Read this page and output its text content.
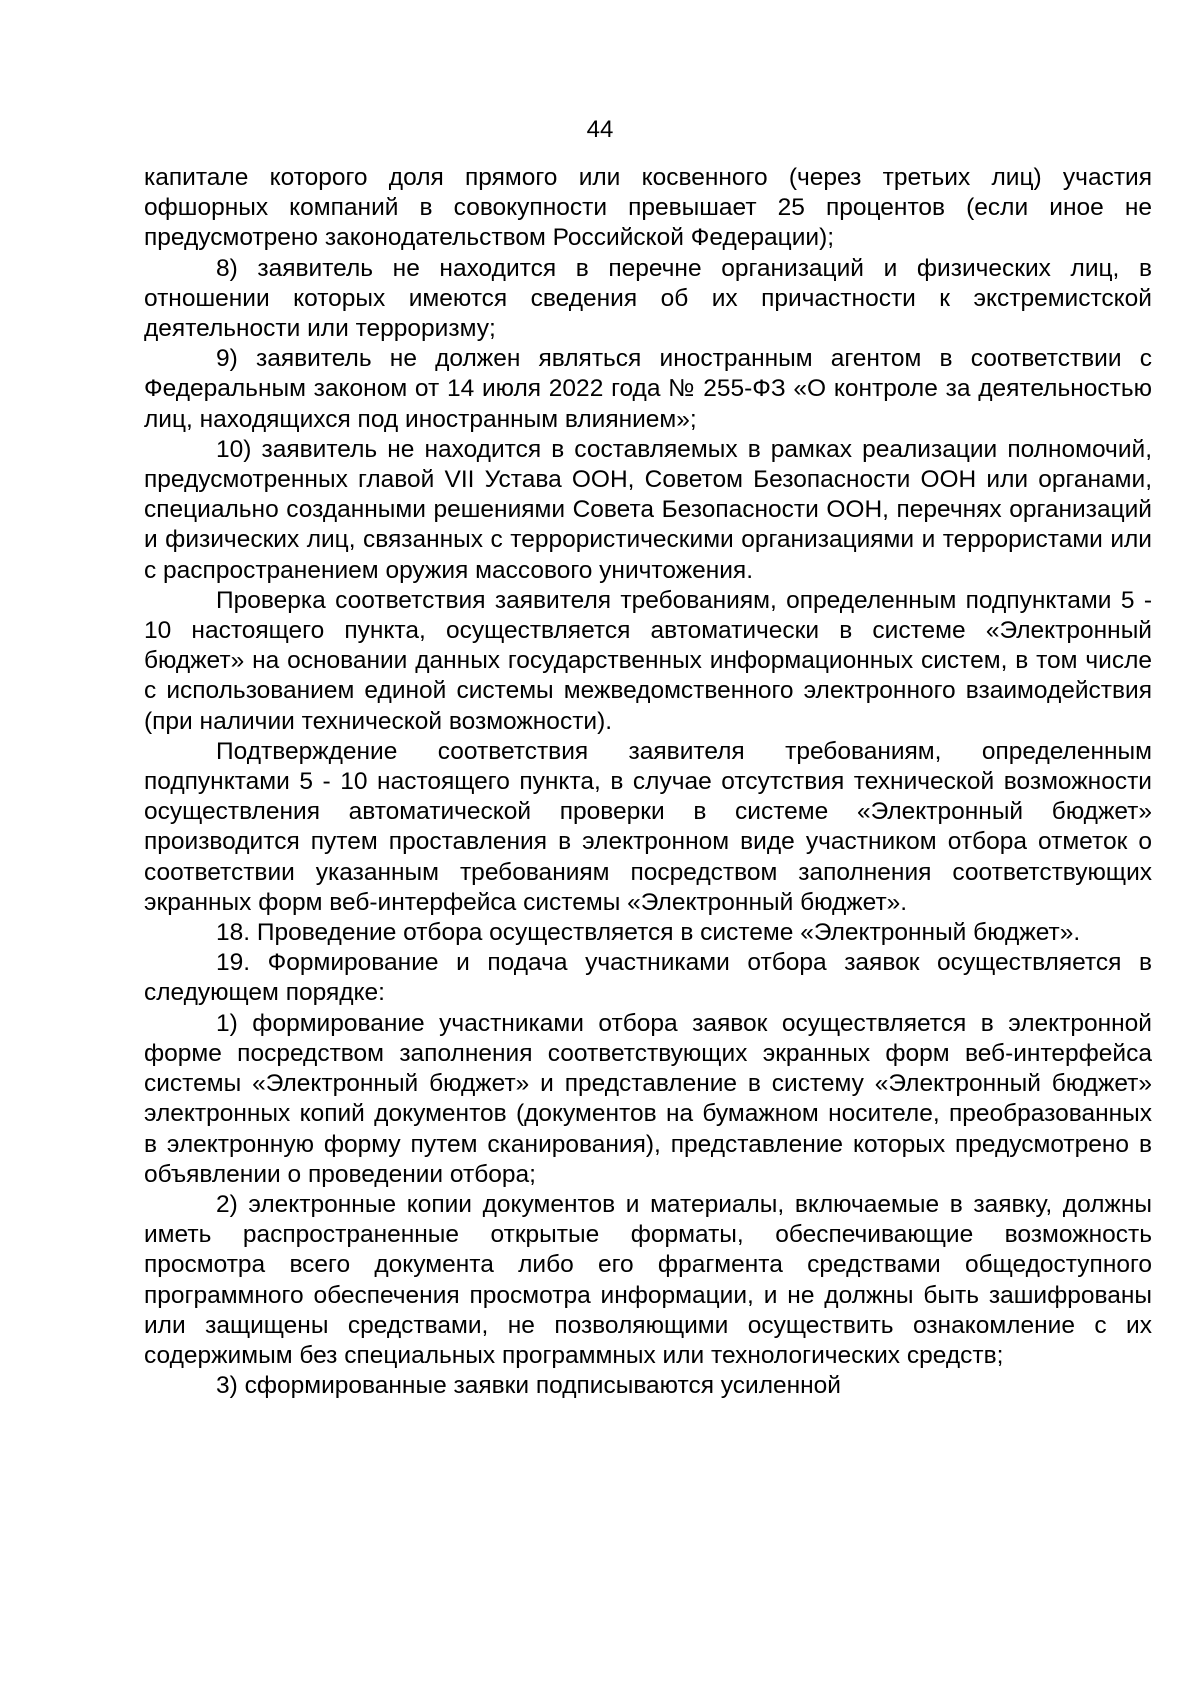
44

капитале которого доля прямого или косвенного (через третьих лиц) участия офшорных компаний в совокупности превышает 25 процентов (если иное не предусмотрено законодательством Российской Федерации);

8) заявитель не находится в перечне организаций и физических лиц, в отношении которых имеются сведения об их причастности к экстремистской деятельности или терроризму;

9) заявитель не должен являться иностранным агентом в соответствии с Федеральным законом от 14 июля 2022 года № 255-ФЗ «О контроле за деятельностью лиц, находящихся под иностранным влиянием»;

10) заявитель не находится в составляемых в рамках реализации полномочий, предусмотренных главой VII Устава ООН, Советом Безопасности ООН или органами, специально созданными решениями Совета Безопасности ООН, перечнях организаций и физических лиц, связанных с террористическими организациями и террористами или с распространением оружия массового уничтожения.

Проверка соответствия заявителя требованиям, определенным подпунктами 5 - 10 настоящего пункта, осуществляется автоматически в системе «Электронный бюджет» на основании данных государственных информационных систем, в том числе с использованием единой системы межведомственного электронного взаимодействия (при наличии технической возможности).

Подтверждение соответствия заявителя требованиям, определенным подпунктами 5 - 10 настоящего пункта, в случае отсутствия технической возможности осуществления автоматической проверки в системе «Электронный бюджет» производится путем проставления в электронном виде участником отбора отметок о соответствии указанным требованиям посредством заполнения соответствующих экранных форм веб-интерфейса системы «Электронный бюджет».

18. Проведение отбора осуществляется в системе «Электронный бюджет».

19. Формирование и подача участниками отбора заявок осуществляется в следующем порядке:

1) формирование участниками отбора заявок осуществляется в электронной форме посредством заполнения соответствующих экранных форм веб-интерфейса системы «Электронный бюджет» и представление в систему «Электронный бюджет» электронных копий документов (документов на бумажном носителе, преобразованных в электронную форму путем сканирования), представление которых предусмотрено в объявлении о проведении отбора;

2) электронные копии документов и материалы, включаемые в заявку, должны иметь распространенные открытые форматы, обеспечивающие возможность просмотра всего документа либо его фрагмента средствами общедоступного программного обеспечения просмотра информации, и не должны быть зашифрованы или защищены средствами, не позволяющими осуществить ознакомление с их содержимым без специальных программных или технологических средств;

3) сформированные заявки подписываются усиленной
